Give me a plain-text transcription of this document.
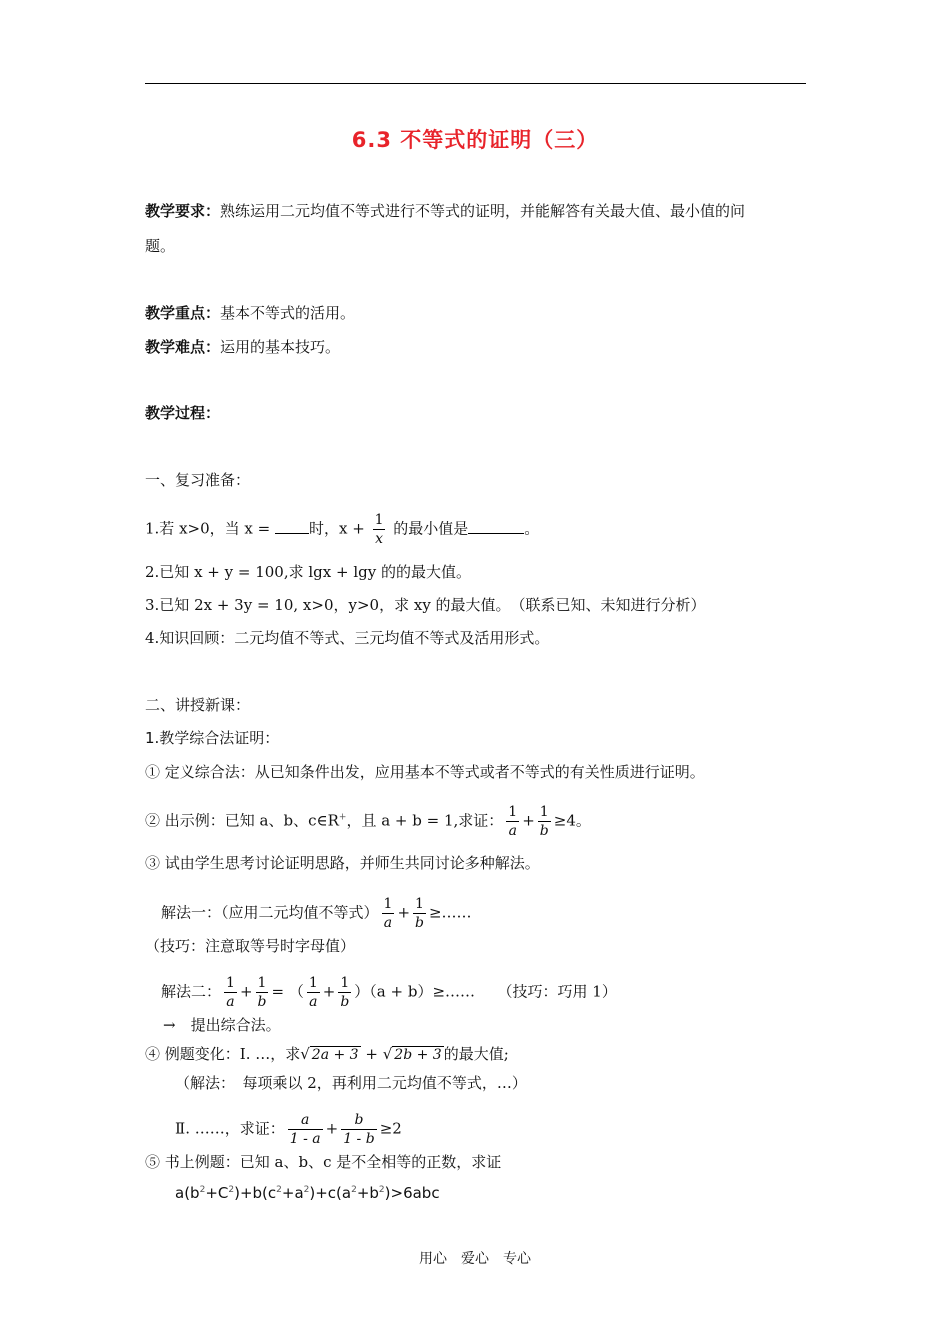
6.3 不等式的证明（三）
教学要求：熟练运用二元均值不等式进行不等式的证明，并能解答有关最大值、最小值的问
题。
教学重点：基本不等式的活用。
教学难点：运用的基本技巧。
教学过程：
一、复习准备：
1.若 x>0，当 x = 时，$x + \frac{1}{x}$ 的最小值是	。
2.已知 x + y = 100,求 lgx + lgy 的的最大值。
3.已知 2x + 3y = 10, x>0，y>0，求 xy 的最大值。　（联系已知、未知进行分析）
4.知识回顾：二元均值不等式、三元均值不等式及活用形式。
二、讲授新课：
1.教学综合法证明：
① 定义综合法：从已知条件出发，应用基本不等式或者不等式的有关性质进行证明。
② 出示例：已知 a、b、c∈R+，且 a + b = 1,求证： $\frac{1}{a} + \frac{1}{b} \ge 4$。
③ 试由学生思考讨论证明思路，并师生共同讨论多种解法。
解法一：（应用二元均值不等式） $\frac{1}{a} + \frac{1}{b}$ ≥……
（技巧：注意取等号时字母值）
解法二： $\frac{1}{a} + \frac{1}{b}$ = （ $\frac{1}{a} + \frac{1}{b} )(a$ + b）≥……　　（技巧：巧用 1）
→　提出综合法。
④ 例题变化：Ⅰ. …，求√ 2a + 3 + √ 2b + 3 的最大值;
（解法：　每项乘以 2，再利用二元均值不等式，…）
Ⅱ. ……，求证： $\frac{a}{1 - a} + \frac{b}{1 - b} \ge 2$
⑤ 书上例题：已知 a、b、c 是不全相等的正数，求证
$a(b^2+C^2)+b(c^2+a^2)+c(a^2+b^2)>6abc$
用心　爱心　专心
